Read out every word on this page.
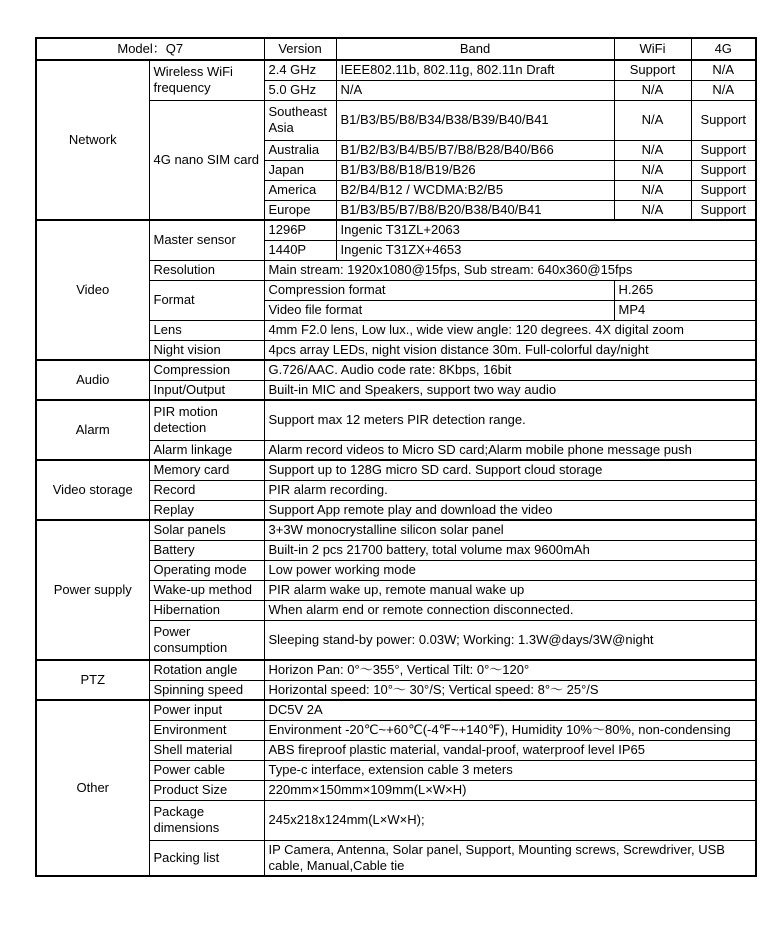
Model：Q7		Version	Band	WiFi	4G
Network	Wireless WiFi frequency	2.4 GHz	IEEE802.11b, 802.11g, 802.11n Draft	Support	N/A
		5.0 GHz	N/A	N/A	N/A
	4G nano SIM card	Southeast Asia	B1/B3/B5/B8/B34/B38/B39/B40/B41	N/A	Support
		Australia	B1/B2/B3/B4/B5/B7/B8/B28/B40/B66	N/A	Support
		Japan	B1/B3/B8/B18/B19/B26	N/A	Support
		America	B2/B4/B12 / WCDMA:B2/B5	N/A	Support
		Europe	B1/B3/B5/B7/B8/B20/B38/B40/B41	N/A	Support
Video	Master sensor	1296P	Ingenic T31ZL+2063		
		1440P	Ingenic T31ZX+4653		
	Resolution	Main stream: 1920x1080@15fps, Sub stream: 640x360@15fps			
	Format	Compression format		H.265	
		Video file format		MP4	
	Lens	4mm F2.0 lens, Low lux., wide view angle: 120 degrees. 4X digital zoom			
	Night vision	4pcs array LEDs, night vision distance 30m. Full-colorful day/night			
Audio	Compression	G.726/AAC. Audio code rate: 8Kbps, 16bit			
	Input/Output	Built-in MIC and Speakers, support two way audio			
Alarm	PIR motion detection	Support max 12 meters PIR detection range.			
	Alarm linkage	Alarm record videos to Micro SD card;Alarm mobile phone message push			
Video storage	Memory card	Support up to 128G micro SD card. Support cloud storage			
	Record	PIR alarm recording.			
	Replay	Support App remote play and download the video			
Power supply	Solar panels	3+3W monocrystalline silicon solar panel			
	Battery	Built-in 2 pcs 21700 battery, total volume max 9600mAh			
	Operating mode	Low power working mode			
	Wake-up method	PIR alarm wake up, remote manual wake up			
	Hibernation	When alarm end or remote connection disconnected.			
	Power consumption	Sleeping stand-by power: 0.03W; Working: 1.3W@days/3W@night			
PTZ	Rotation angle	Horizon Pan: 0°～355°, Vertical Tilt: 0°～120°			
	Spinning speed	Horizontal speed: 10°～ 30°/S; Vertical speed: 8°～ 25°/S			
Other	Power input	DC5V 2A			
	Environment	Environment -20℃~+60℃(-4℉~+140℉), Humidity 10%～80%, non-condensing			
	Shell material	ABS fireproof plastic material, vandal-proof, waterproof level IP65			
	Power cable	Type-c interface, extension cable 3 meters			
	Product Size	220mm×150mm×109mm(L×W×H)			
	Package dimensions	245x218x124mm(L×W×H);			
	Packing list	IP Camera, Antenna, Solar panel, Support, Mounting screws, Screwdriver, USB cable, Manual,Cable tie			
